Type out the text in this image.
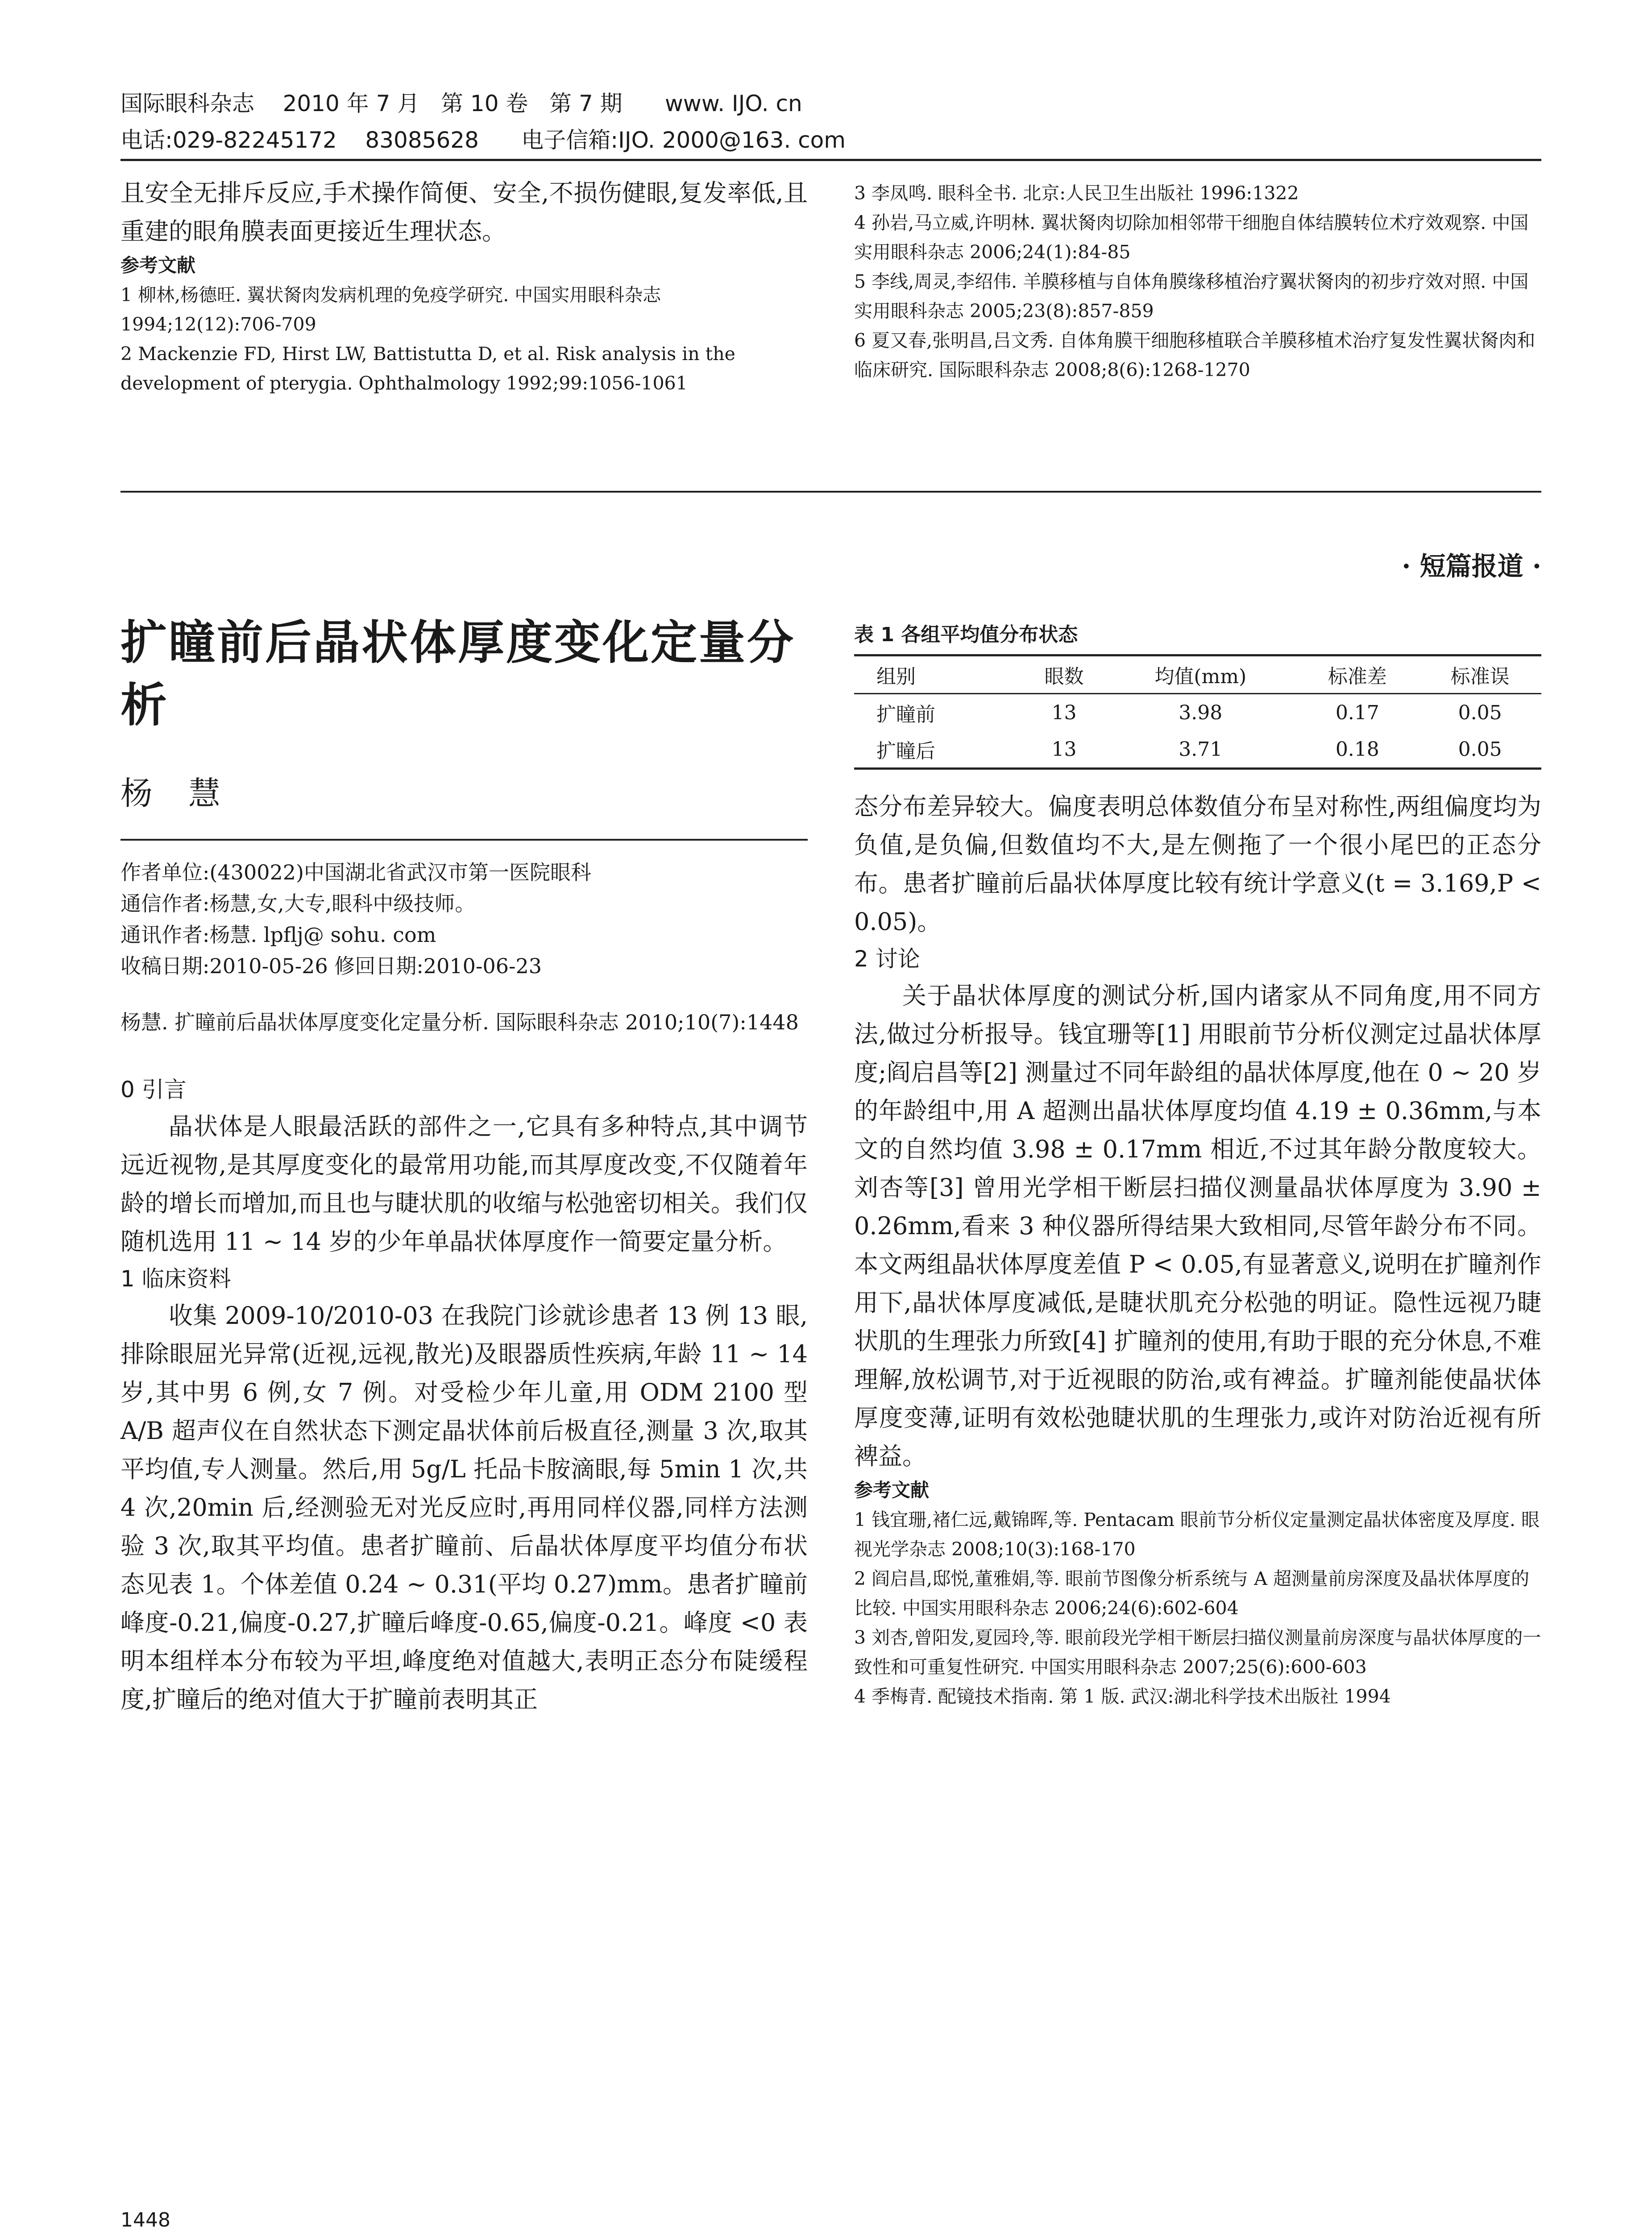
国际眼科杂志    2010 年 7 月   第 10 卷   第 7 期      www. IJO. cn
电话:029-82245172    83085628      电子信箱:IJO. 2000@163. com

且安全无排斥反应,手术操作简便、安全,不损伤健眼,复发率低,且重建的眼角膜表面更接近生理状态。

参考文献

1 柳林,杨德旺. 翼状胬肉发病机理的免疫学研究. 中国实用眼科杂志 1994;12(12):706-709

2 Mackenzie FD, Hirst LW, Battistutta D, et al. Risk analysis in the development of pterygia. Ophthalmology 1992;99:1056-1061

3 李凤鸣. 眼科全书. 北京:人民卫生出版社 1996:1322

4 孙岩,马立威,许明林. 翼状胬肉切除加相邻带干细胞自体结膜转位术疗效观察. 中国实用眼科杂志 2006;24(1):84-85

5 李线,周灵,李绍伟. 羊膜移植与自体角膜缘移植治疗翼状胬肉的初步疗效对照. 中国实用眼科杂志 2005;23(8):857-859

6 夏又春,张明昌,吕文秀. 自体角膜干细胞移植联合羊膜移植术治疗复发性翼状胬肉和临床研究. 国际眼科杂志 2008;8(6):1268-1270

· 短篇报道 ·
扩瞳前后晶状体厚度变化定量分析
杨慧

作者单位:(430022)中国湖北省武汉市第一医院眼科

通信作者:杨慧,女,大专,眼科中级技师。

通讯作者:杨慧. lpflj@ sohu. com

收稿日期:2010-05-26 修回日期:2010-06-23

杨慧. 扩瞳前后晶状体厚度变化定量分析. 国际眼科杂志 2010;10(7):1448

0 引言

晶状体是人眼最活跃的部件之一,它具有多种特点,其中调节远近视物,是其厚度变化的最常用功能,而其厚度改变,不仅随着年龄的增长而增加,而且也与睫状肌的收缩与松弛密切相关。我们仅随机选用 11 ~ 14 岁的少年单晶状体厚度作一简要定量分析。

1 临床资料

收集 2009-10/2010-03 在我院门诊就诊患者 13 例 13 眼,排除眼屈光异常(近视,远视,散光)及眼器质性疾病,年龄 11 ~ 14 岁,其中男 6 例,女 7 例。对受检少年儿童,用 ODM 2100 型 A/B 超声仪在自然状态下测定晶状体前后极直径,测量 3 次,取其平均值,专人测量。然后,用 5g/L 托品卡胺滴眼,每 5min 1 次,共 4 次,20min 后,经测验无对光反应时,再用同样仪器,同样方法测验 3 次,取其平均值。患者扩瞳前、后晶状体厚度平均值分布状态见表 1。个体差值 0.24 ~ 0.31(平均 0.27)mm。患者扩瞳前峰度-0.21,偏度-0.27,扩瞳后峰度-0.65,偏度-0.21。峰度 <0 表明本组样本分布较为平坦,峰度绝对值越大,表明正态分布陡缓程度,扩瞳后的绝对值大于扩瞳前表明其正

表 1 各组平均值分布状态
组别	眼数	均值(mm)	标准差	标准误
扩瞳前	13	3.98	0.17	0.05
扩瞳后	13	3.71	0.18	0.05

态分布差异较大。偏度表明总体数值分布呈对称性,两组偏度均为负值,是负偏,但数值均不大,是左侧拖了一个很小尾巴的正态分布。患者扩瞳前后晶状体厚度比较有统计学意义(t = 3.169,P < 0.05)。

2 讨论

关于晶状体厚度的测试分析,国内诸家从不同角度,用不同方法,做过分析报导。钱宜珊等[1] 用眼前节分析仪测定过晶状体厚度;阎启昌等[2] 测量过不同年龄组的晶状体厚度,他在 0 ~ 20 岁的年龄组中,用 A 超测出晶状体厚度均值 4.19 ± 0.36mm,与本文的自然均值 3.98 ± 0.17mm 相近,不过其年龄分散度较大。刘杏等[3] 曾用光学相干断层扫描仪测量晶状体厚度为 3.90 ± 0.26mm,看来 3 种仪器所得结果大致相同,尽管年龄分布不同。本文两组晶状体厚度差值 P < 0.05,有显著意义,说明在扩瞳剂作用下,晶状体厚度减低,是睫状肌充分松弛的明证。隐性远视乃睫状肌的生理张力所致[4] 扩瞳剂的使用,有助于眼的充分休息,不难理解,放松调节,对于近视眼的防治,或有裨益。扩瞳剂能使晶状体厚度变薄,证明有效松弛睫状肌的生理张力,或许对防治近视有所裨益。

参考文献

1 钱宜珊,褚仁远,戴锦晖,等. Pentacam 眼前节分析仪定量测定晶状体密度及厚度. 眼视光学杂志 2008;10(3):168-170

2 阎启昌,邸悦,董雅娟,等. 眼前节图像分析系统与 A 超测量前房深度及晶状体厚度的比较. 中国实用眼科杂志 2006;24(6):602-604

3 刘杏,曾阳发,夏园玲,等. 眼前段光学相干断层扫描仪测量前房深度与晶状体厚度的一致性和可重复性研究. 中国实用眼科杂志 2007;25(6):600-603

4 季梅青. 配镜技术指南. 第 1 版. 武汉:湖北科学技术出版社 1994

1448
